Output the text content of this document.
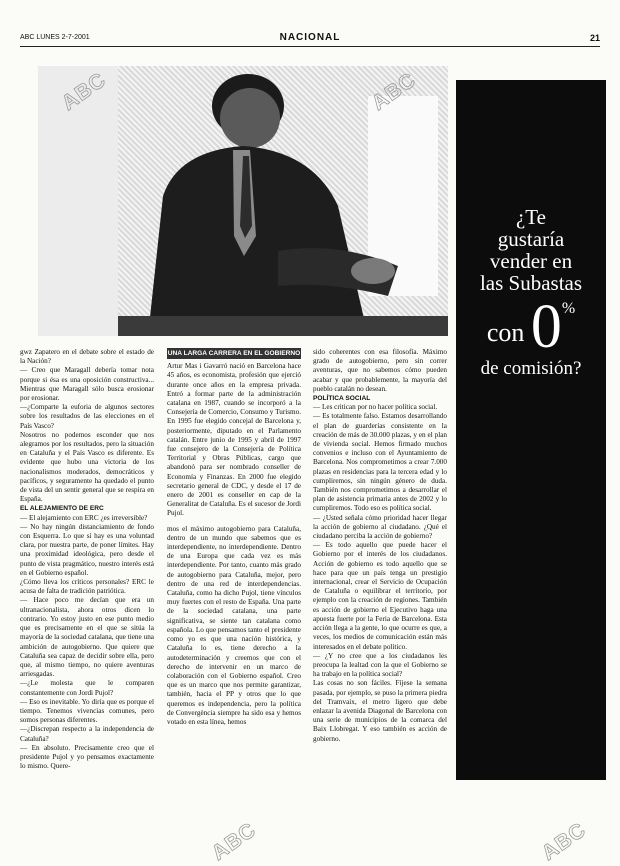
ABC LUNES 2-7-2001	NACIONAL	21
¿Te
gustaría
vender en
las Subastas
con 0%
de comisión?

gwz Zapatero en el debate sobre el estado de la Nación?

— Creo que Maragall debería tomar nota porque si ésa es una oposición constructiva... Mientras que Maragall sólo busca erosionar por erosionar.

—¿Comparte la euforia de algunos sectores sobre los resultados de las elecciones en el País Vasco?

Nosotros no podemos esconder que nos alegramos por los resultados, pero la situación en Cataluña y el País Vasco es diferente. Es evidente que hubo una victoria de los nacionalismos moderados, democráticos y pacíficos, y seguramente ha quedado el punto de vista del un sentir general que se respira en España.

EL ALEJAMIENTO DE ERC

— El alejamiento con ERC ¿es irreversible?

— No hay ningún distanciamiento de fondo con Esquerra. Lo que sí hay es una voluntad clara, por nuestra parte, de poner límites. Hay una proximidad ideológica, pero desde el punto de vista pragmático, nuestro interés está en el Gobierno español.

¿Cómo lleva los críticos personales? ERC le acusa de falta de tradición patriótica.

— Hace poco me decían que era un ultranacionalista, ahora otros dicen lo contrario. Yo estoy justo en ese punto medio que es precisamente en el que se sitúa la mayoría de la sociedad catalana, que tiene una ambición de autogobierno. Que quiere que Cataluña sea capaz de decidir sobre ella, pero que, al mismo tiempo, no quiere aventuras arriesgadas.

—¿Le molesta que le comparen constantemente con Jordi Pujol?

— Eso es inevitable. Yo diría que es porque el tiempo. Tenemos vivencias comunes, pero somos personas diferentes.

—¿Discrepan respecto a la independencia de Cataluña?

— En absoluto. Precisamente creo que el presidente Pujol y yo pensamos exactamente lo mismo. Quere-

UNA LARGA CARRERA EN EL GOBIERNO

Artur Mas i Gavarró nació en Barcelona hace 45 años, es economista, profesión que ejerció durante once años en la empresa privada. Entró a formar parte de la administración catalana en 1987, cuando se incorporó a la Consejería de Comercio, Consumo y Turismo. En 1995 fue elegido concejal de Barcelona y, posteriormente, diputado en el Parlamento catalán. Entre junio de 1995 y abril de 1997 fue consejero de la Consejería de Política Territorial y Obras Públicas, cargo que abandonó para ser nombrado conseller de Economía y Finanzas. En 2000 fue elegido secretario general de CDC, y desde el 17 de enero de 2001 es conseller en cap de la Generalitat de Cataluña. Es el sucesor de Jordi Pujol.

mos el máximo autogobierno para Cataluña, dentro de un mundo que sabemos que es interdependiente, no interdependiente. Dentro de una Europa que cada vez es más interdependiente. Por tanto, cuanto más grado de autogobierno para Cataluña, mejor, pero dentro de una red de interdependencias. Cataluña, como ha dicho Pujol, tiene vínculos muy fuertes con el resto de España. Una parte de la sociedad catalana, una parte significativa, se siente tan catalana como española. Lo que pensamos tanto el presidente como yo es que una nación histórica, y Cataluña lo es, tiene derecho a la autodeterminación y creemos que con el derecho de intervenir en un marco de colaboración con el Gobierno español. Creo que es un marco que nos permite garantizar, también, hacia el PP y otros que lo que queremos es independencia, pero la política de Convergència siempre ha sido esa y hemos votado en esta línea, hemos

sido coherentes con esa filosofía. Máximo grado de autogobierno, pero sin correr aventuras, que no sabemos cómo pueden acabar y que probablemente, la mayoría del pueblo catalán no desean.

POLÍTICA SOCIAL

— Les critican por no hacer política social.

— Es totalmente falso. Estamos desarrollando el plan de guarderías consistente en la creación de más de 30.000 plazas, y en el plan de vivienda social. Hemos firmado muchos convenios e incluso con el Ayuntamiento de Barcelona. Nos comprometimos a crear 7.000 plazas en residencias para la tercera edad y lo cumpliremos, sin ningún género de duda. También nos comprometimos a desarrollar el plan de asistencia primaria antes de 2002 y lo cumpliremos. Todo eso es política social.

— ¿Usted señala cómo prioridad hacer llegar la acción de gobierno al ciudadano. ¿Qué el ciudadano perciba la acción de gobierno?

— Es todo aquello que puede hacer el Gobierno por el interés de los ciudadanos. Acción de gobierno es todo aquello que se hace para que un país tenga un prestigio internacional, crear el Servicio de Ocupación de Cataluña o equilibrar el territorio, por ejemplo con la creación de regiones. También es acción de gobierno el Ejecutivo haga una apuesta fuerte por la Feria de Barcelona. Esta acción llega a la gente, lo que ocurre es que, a veces, los medios de comunicación están más interesados en el debate político.

— ¿Y no cree que a los ciudadanos les preocupa la lealtad con la que el Gobierno se ha trabajo en la política social?

Las cosas no son fáciles. Fíjese la semana pasada, por ejemplo, se puso la primera piedra del Tramvaix, el metro ligero que debe enlazar la avenida Diagonal de Barcelona con una serie de municipios de la comarca del Baix Llobregat. Y eso también es acción de gobierno.

ABC	ABC
ABC	ABC
